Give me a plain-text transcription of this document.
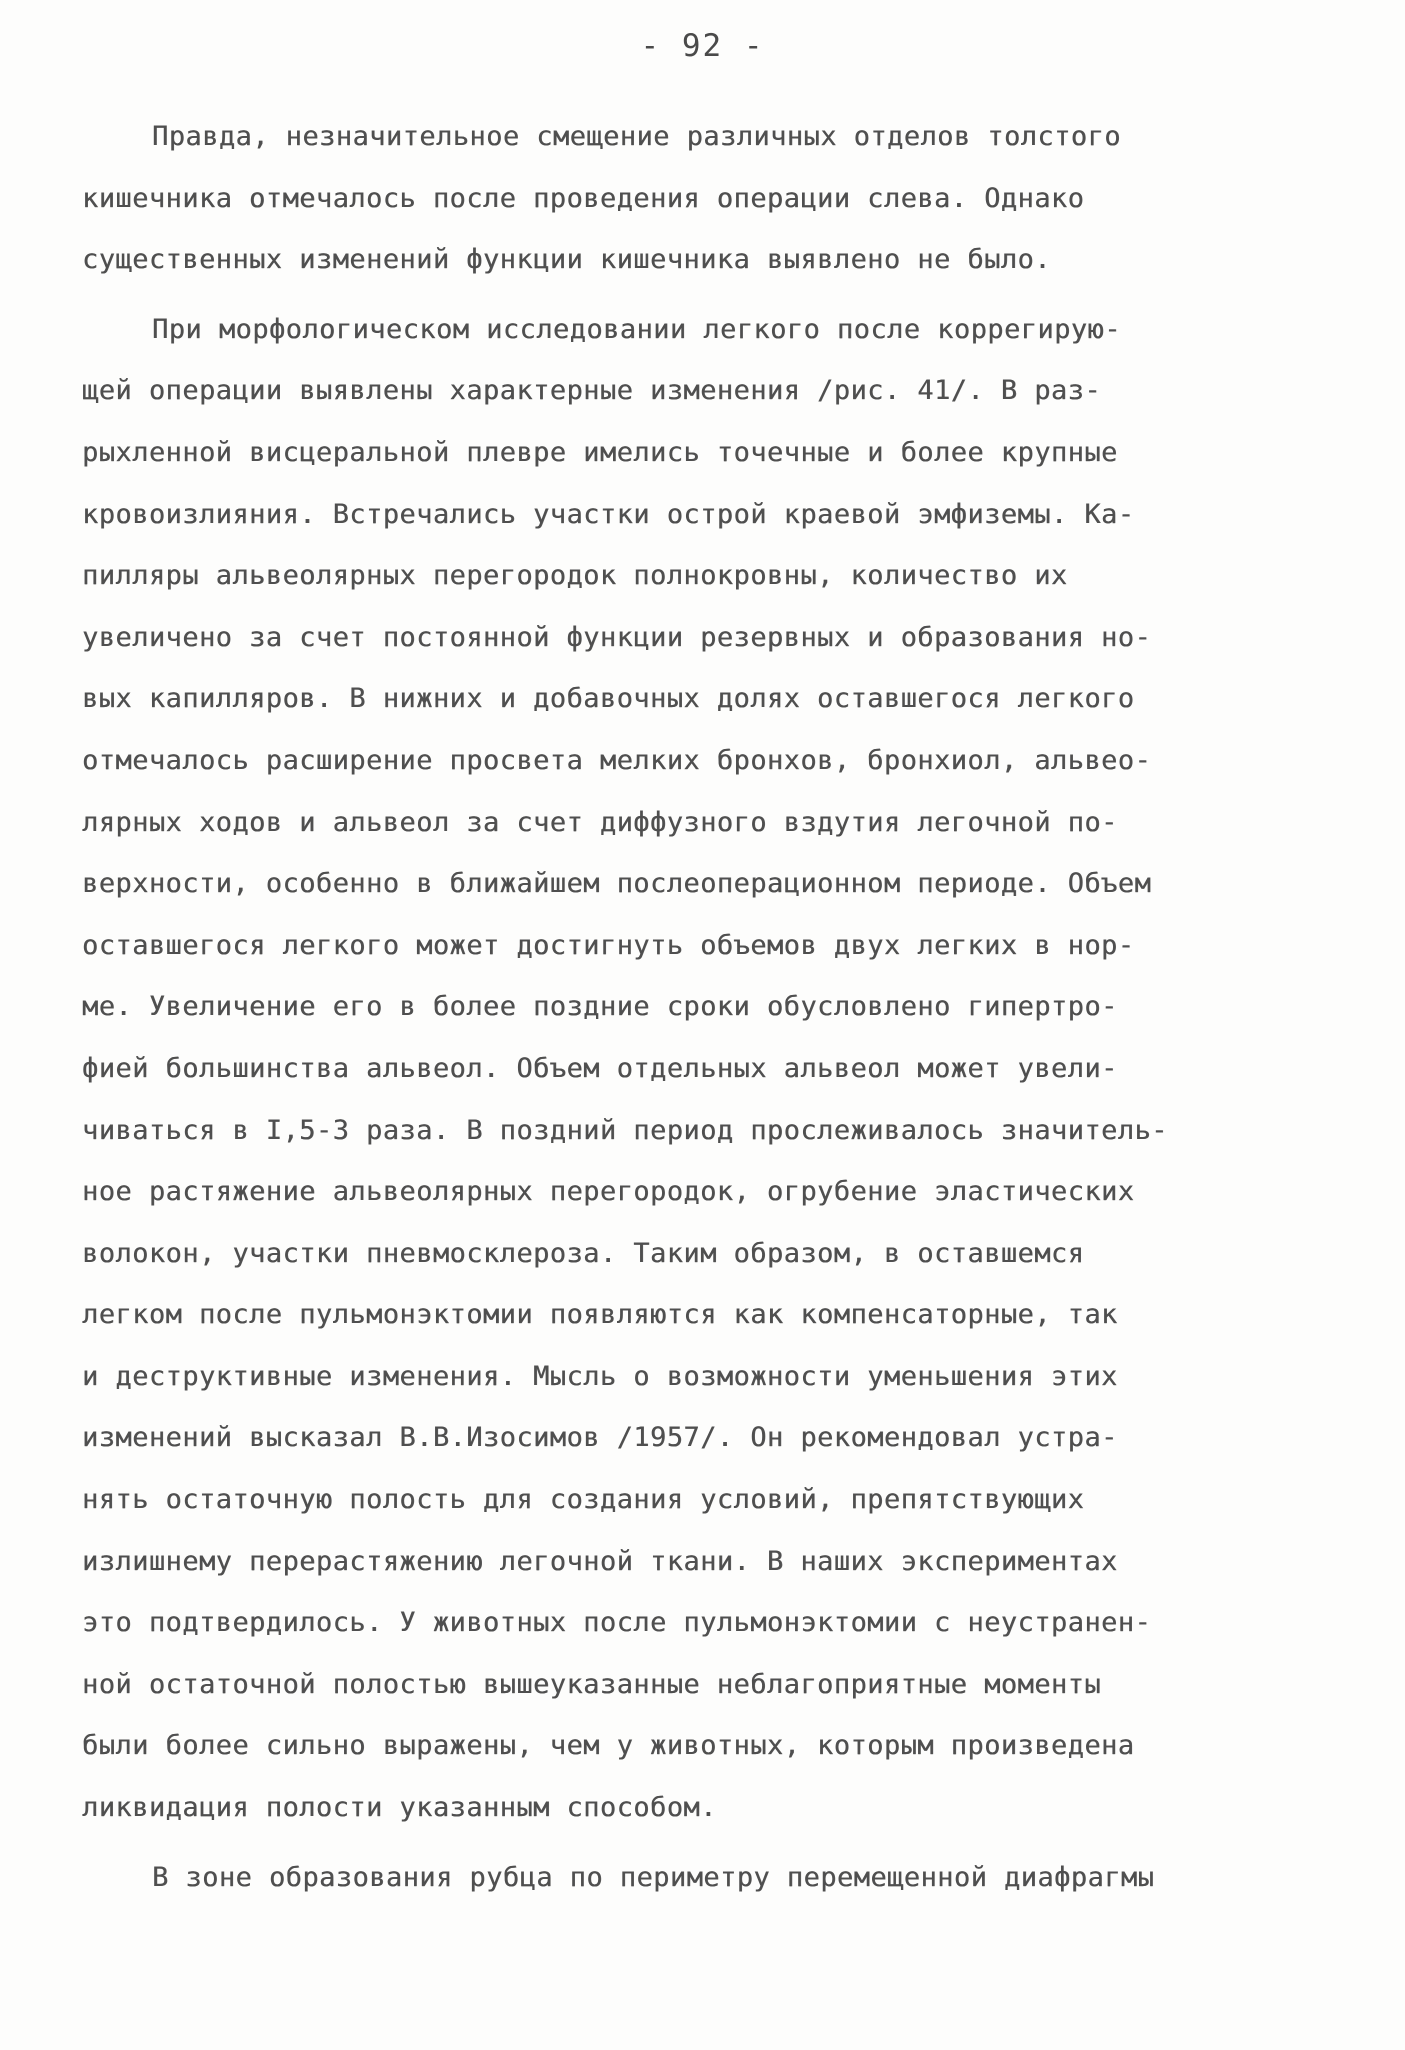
- 92 -
Правда, незначительное смещение различных отделов толстого
кишечника отмечалось после проведения операции слева. Однако
существенных изменений функции кишечника выявлено не было.
При морфологическом исследовании легкого после коррегирую-
щей операции выявлены характерные изменения /рис. 41/. В раз-
рыхленной висцеральной плевре имелись точечные и более крупные
кровоизлияния. Встречались участки острой краевой эмфиземы. Ка-
пилляры альвеолярных перегородок полнокровны, количество их
увеличено за счет постоянной функции резервных и образования но-
вых капилляров. В нижних и добавочных долях оставшегося легкого
отмечалось расширение просвета мелких бронхов, бронхиол, альвео-
лярных ходов и альвеол за счет диффузного вздутия легочной по-
верхности, особенно в ближайшем послеоперационном периоде. Объем
оставшегося легкого может достигнуть объемов двух легких в нор-
ме. Увеличение его в более поздние сроки обусловлено гипертро-
фией большинства альвеол. Объем отдельных альвеол может увели-
чиваться в I,5-3 раза. В поздний период прослеживалось значитель-
ное растяжение альвеолярных перегородок, огрубение эластических
волокон, участки пневмосклероза. Таким образом, в оставшемся
легком после пульмонэктомии появляются как компенсаторные, так
и деструктивные изменения. Мысль о возможности уменьшения этих
изменений высказал В.В.Изосимов /1957/. Он рекомендовал устра-
нять остаточную полость для создания условий, препятствующих
излишнему перерастяжению легочной ткани. В наших экспериментах
это подтвердилось. У животных после пульмонэктомии с неустранен-
ной остаточной полостью вышеуказанные неблагоприятные моменты
были более сильно выражены, чем у животных, которым произведена
ликвидация полости указанным способом.
В зоне образования рубца по периметру перемещенной диафрагмы
